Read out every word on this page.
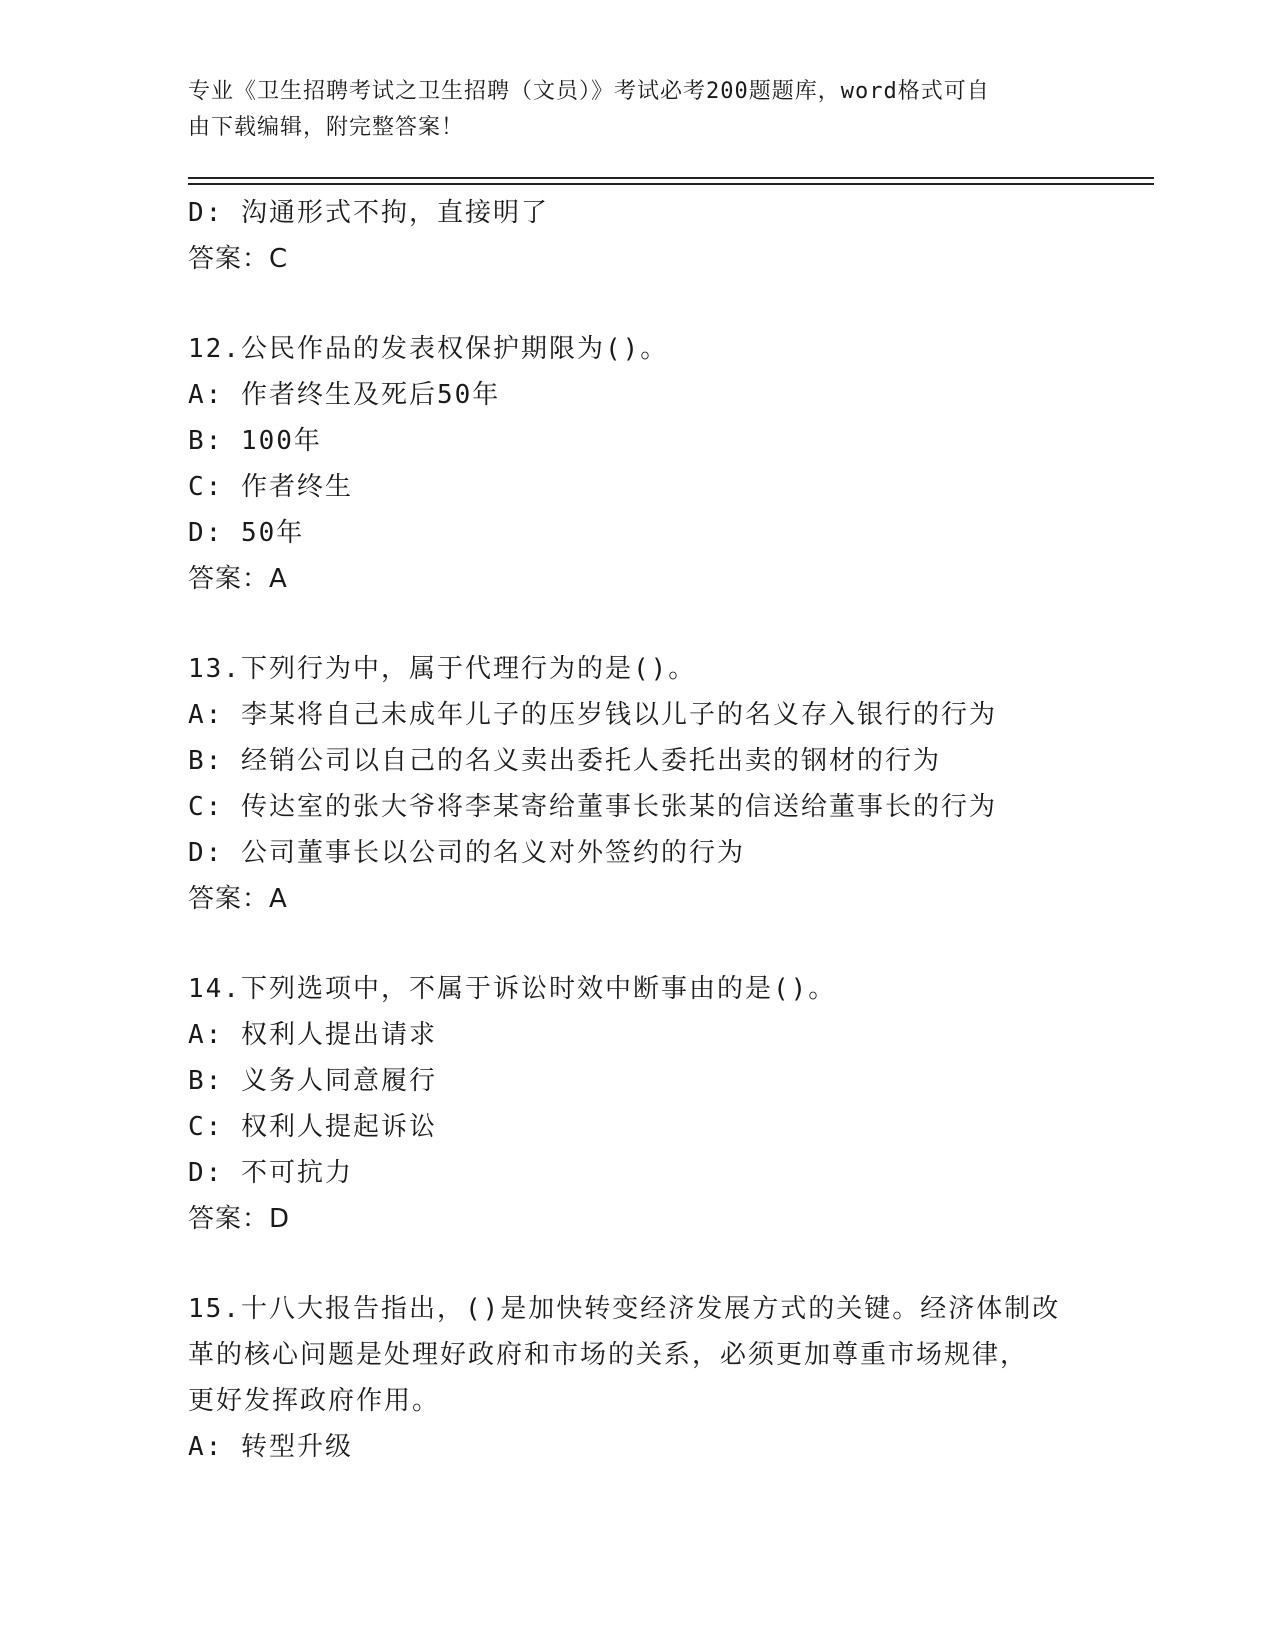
专业《卫生招聘考试之卫生招聘（文员）》考试必考200题题库，word格式可自
由下载编辑，附完整答案！
D: 沟通形式不拘，直接明了
答案：C
12.公民作品的发表权保护期限为()。
A: 作者终生及死后50年
B: 100年
C: 作者终生
D: 50年
答案：A
13.下列行为中，属于代理行为的是()。
A: 李某将自己未成年儿子的压岁钱以儿子的名义存入银行的行为
B: 经销公司以自己的名义卖出委托人委托出卖的钢材的行为
C: 传达室的张大爷将李某寄给董事长张某的信送给董事长的行为
D: 公司董事长以公司的名义对外签约的行为
答案：A
14.下列选项中，不属于诉讼时效中断事由的是()。
A: 权利人提出请求
B: 义务人同意履行
C: 权利人提起诉讼
D: 不可抗力
答案：D
15.十八大报告指出，()是加快转变经济发展方式的关键。经济体制改
革的核心问题是处理好政府和市场的关系，必须更加尊重市场规律，
更好发挥政府作用。
A: 转型升级
